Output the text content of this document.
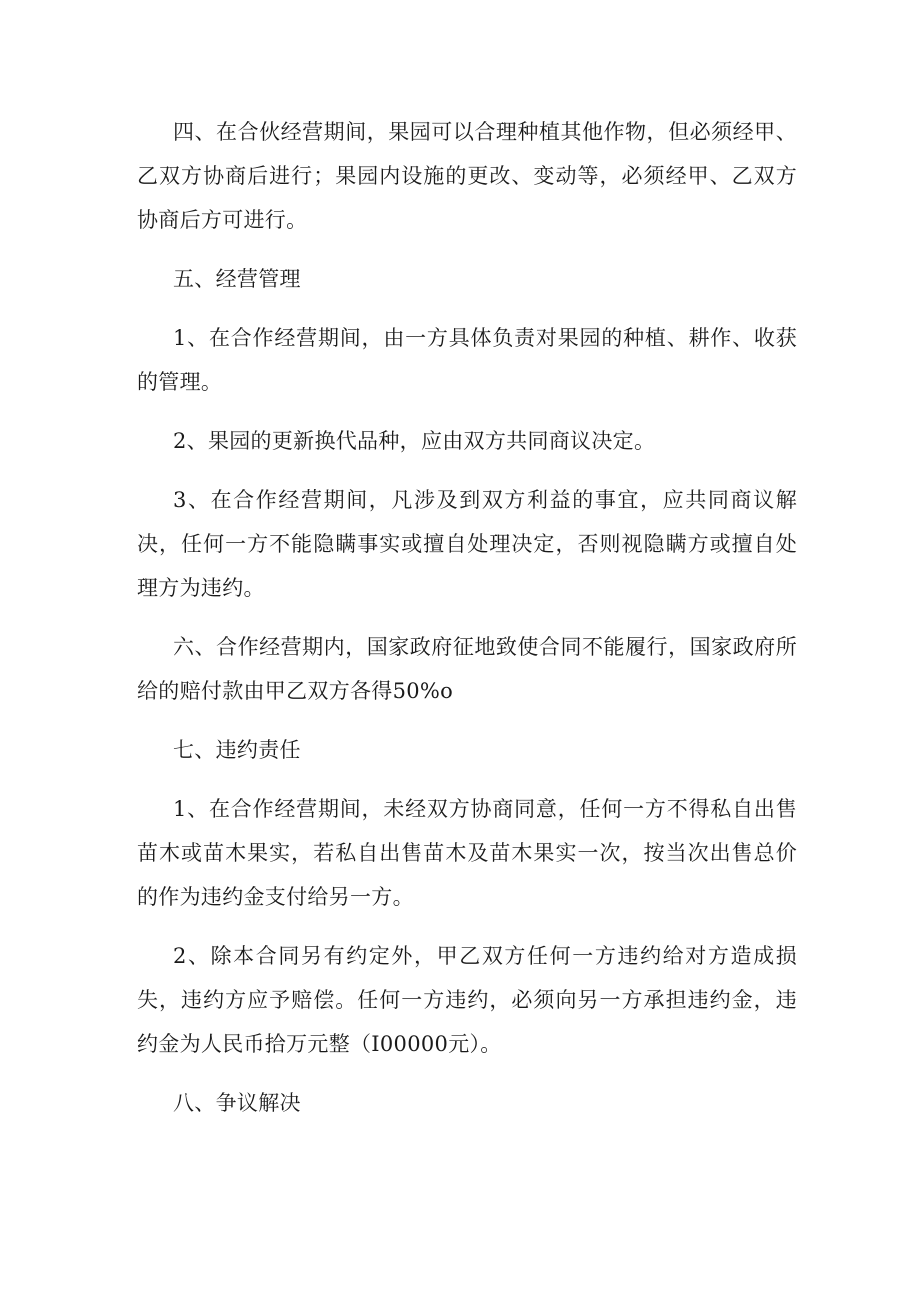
四、在合伙经营期间，果园可以合理种植其他作物，但必须经甲、乙双方协商后进行；果园内设施的更改、变动等，必须经甲、乙双方协商后方可进行。

五、经营管理

1、在合作经营期间，由一方具体负责对果园的种植、耕作、收获的管理。

2、果园的更新换代品种，应由双方共同商议决定。

3、在合作经营期间，凡涉及到双方利益的事宜，应共同商议解决，任何一方不能隐瞒事实或擅自处理决定，否则视隐瞒方或擅自处理方为违约。

六、合作经营期内，国家政府征地致使合同不能履行，国家政府所给的赔付款由甲乙双方各得50%o

七、违约责任

1、在合作经营期间，未经双方协商同意，任何一方不得私自出售苗木或苗木果实，若私自出售苗木及苗木果实一次，按当次出售总价的作为违约金支付给另一方。

2、除本合同另有约定外，甲乙双方任何一方违约给对方造成损失，违约方应予赔偿。任何一方违约，必须向另一方承担违约金，违约金为人民币拾万元整（I00000元）。

八、争议解决
